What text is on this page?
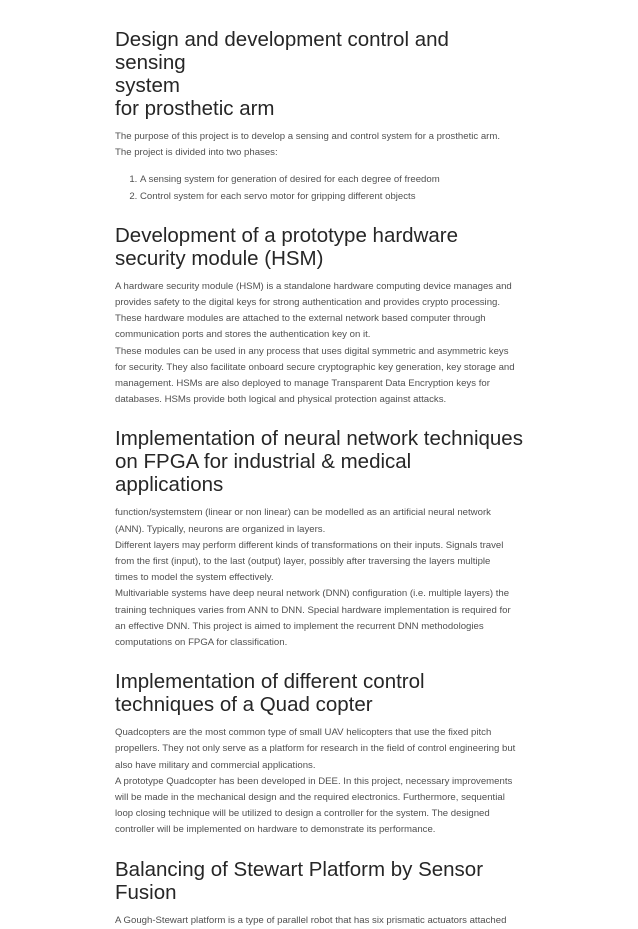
Design and development control and sensing
system
for prosthetic arm

The purpose of this project is to develop a sensing and control system for a prosthetic arm.
The project is divided into two phases:

1. A sensing system for generation of desired for each degree of freedom
2. Control system for each servo motor for gripping different objects
Development of a prototype hardware
security module (HSM)

A hardware security module (HSM) is a standalone hardware computing device manages and
provides safety to the digital keys for strong authentication and provides crypto processing.
These hardware modules are attached to the external network based computer through
communication ports and stores the authentication key on it.
These modules can be used in any process that uses digital symmetric and asymmetric keys
for security. They also facilitate onboard secure cryptographic key generation, key storage and
management. HSMs are also deployed to manage Transparent Data Encryption keys for
databases. HSMs provide both logical and physical protection against attacks.

Implementation of neural network techniques
on FPGA for industrial & medical applications

function/systemstem (linear or non linear) can be modelled as an artificial neural network
(ANN). Typically, neurons are organized in layers.
Different layers may perform different kinds of transformations on their inputs. Signals travel
from the first (input), to the last (output) layer, possibly after traversing the layers multiple
times to model the system effectively.
Multivariable systems have deep neural network (DNN) configuration (i.e. multiple layers) the
training techniques varies from ANN to DNN. Special hardware implementation is required for
an effective DNN. This project is aimed to implement the recurrent DNN methodologies
computations on FPGA for classification.

Implementation of different control
techniques of a Quad copter

Quadcopters are the most common type of small UAV helicopters that use the fixed pitch
propellers. They not only serve as a platform for research in the field of control engineering but
also have military and commercial applications.
A prototype Quadcopter has been developed in DEE. In this project, necessary improvements
will be made in the mechanical design and the required electronics. Furthermore, sequential
loop closing technique will be utilized to design a controller for the system. The designed
controller will be implemented on hardware to demonstrate its performance.

Balancing of Stewart Platform by Sensor
Fusion

A Gough-Stewart platform is a type of parallel robot that has six prismatic actuators attached
